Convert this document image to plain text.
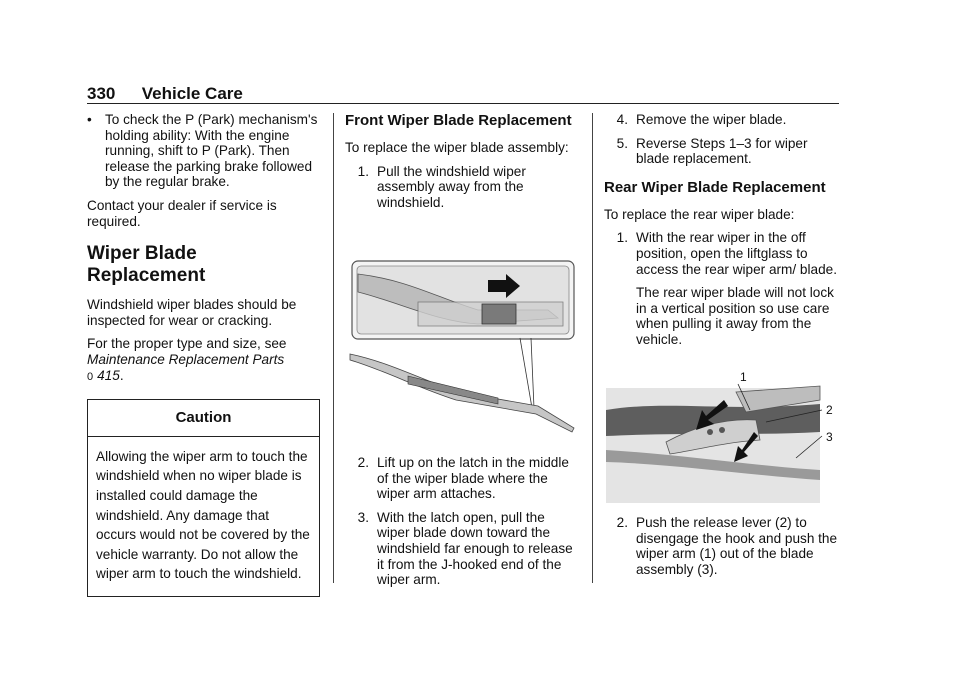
330 Vehicle Care
• To check the P (Park) mechanism's holding ability: With the engine running, shift to P (Park). Then release the parking brake followed by the regular brake.

Contact your dealer if service is required.

Wiper Blade Replacement

Windshield wiper blades should be inspected for wear or cracking.

For the proper type and size, see Maintenance Replacement Parts
0 415.

Caution
Allowing the wiper arm to touch the windshield when no wiper blade is installed could damage the windshield. Any damage that occurs would not be covered by the vehicle warranty. Do not allow the wiper arm to touch the windshield.
Front Wiper Blade Replacement

To replace the wiper blade assembly:

1. Pull the windshield wiper assembly away from the windshield.
2. Lift up on the latch in the middle of the wiper blade where the wiper arm attaches.
3. With the latch open, pull the wiper blade down toward the windshield far enough to release it from the J-hooked end of the wiper arm.
4. Remove the wiper blade.
5. Reverse Steps 1–3 for wiper blade replacement.
Rear Wiper Blade Replacement

To replace the rear wiper blade:

1. With the rear wiper in the off position, open the liftglass to access the rear wiper arm/ blade.

The rear wiper blade will not lock in a vertical position so use care when pulling it away from the vehicle.

1
2
3
2. Push the release lever (2) to disengage the hook and push the wiper arm (1) out of the blade assembly (3).
